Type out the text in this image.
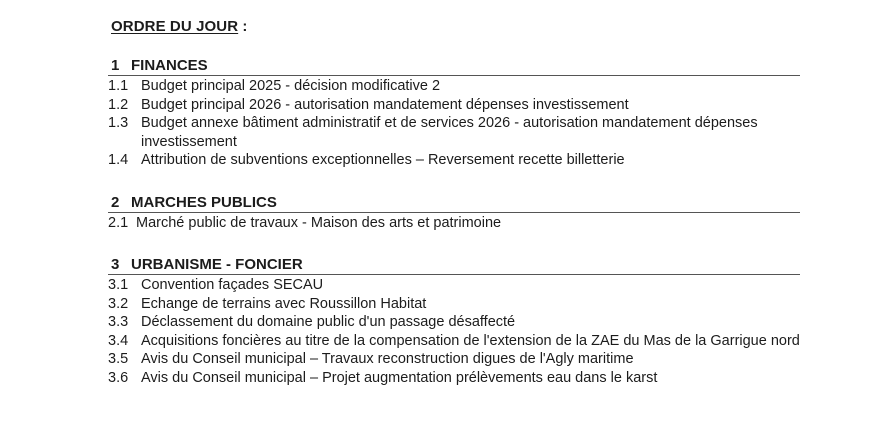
ORDRE DU JOUR :
1 FINANCES
1.1 Budget principal 2025 - décision modificative 2
1.2 Budget principal 2026 - autorisation mandatement dépenses investissement
1.3 Budget annexe bâtiment administratif et de services 2026 - autorisation mandatement dépenses investissement
1.4 Attribution de subventions exceptionnelles – Reversement recette billetterie
2 MARCHES PUBLICS
2.1 Marché public de travaux - Maison des arts et patrimoine
3 URBANISME - FONCIER
3.1 Convention façades SECAU
3.2 Echange de terrains avec Roussillon Habitat
3.3 Déclassement du domaine public d'un passage désaffecté
3.4 Acquisitions foncières au titre de la compensation de l'extension de la ZAE du Mas de la Garrigue nord
3.5 Avis du Conseil municipal – Travaux reconstruction digues de l'Agly maritime
3.6 Avis du Conseil municipal – Projet augmentation prélèvements eau dans le karst
